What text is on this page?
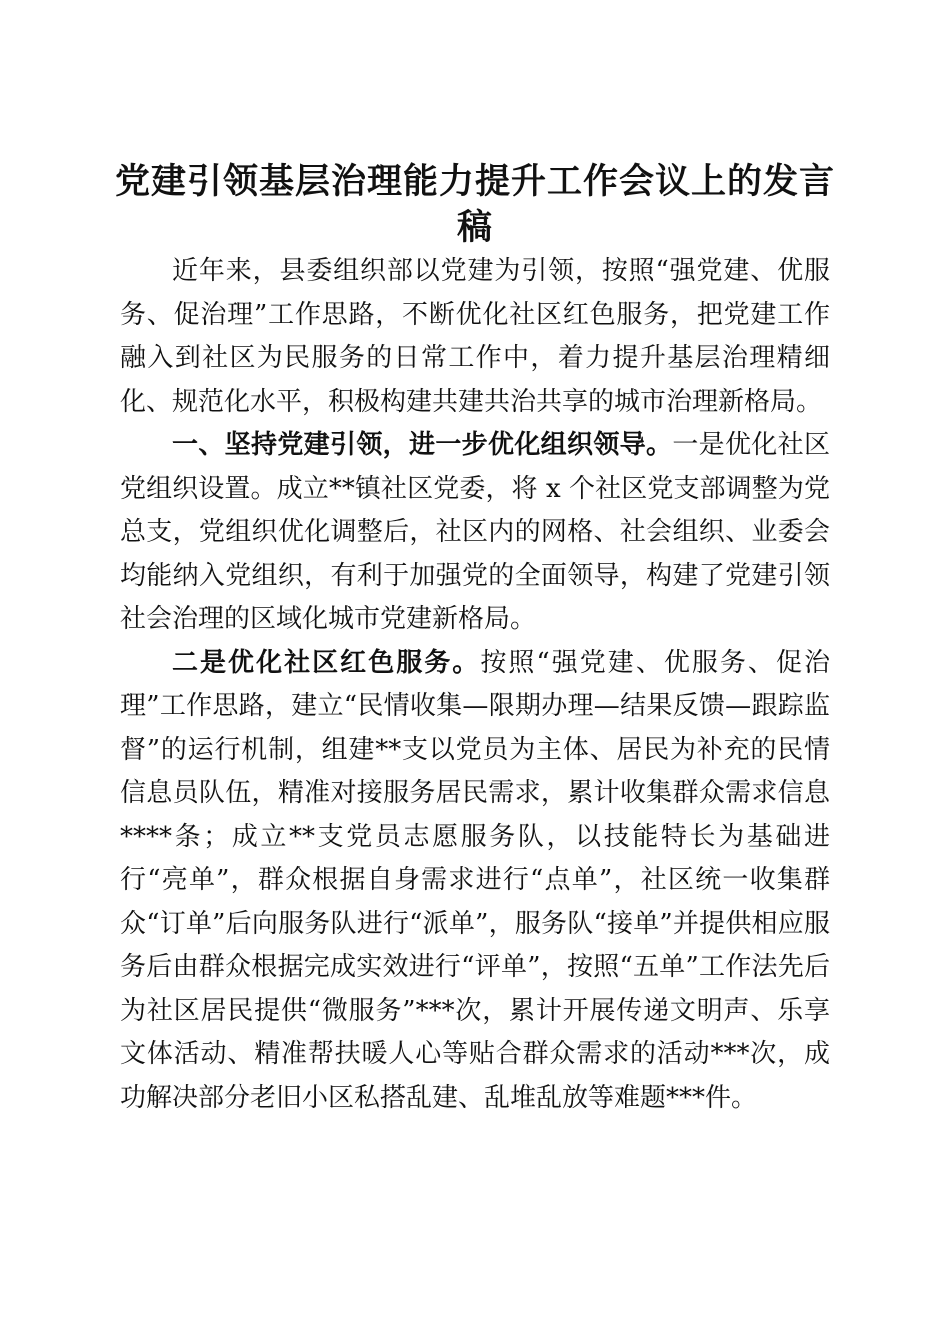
党建引领基层治理能力提升工作会议上的发言稿

近年来，县委组织部以党建为引领，按照“强党建、优服务、促治理”工作思路，不断优化社区红色服务，把党建工作融入到社区为民服务的日常工作中，着力提升基层治理精细化、规范化水平，积极构建共建共治共享的城市治理新格局。

一、坚持党建引领，进一步优化组织领导。一是优化社区党组织设置。成立**镇社区党委，将 x 个社区党支部调整为党总支，党组织优化调整后，社区内的网格、社会组织、业委会均能纳入党组织，有利于加强党的全面领导，构建了党建引领社会治理的区域化城市党建新格局。

二是优化社区红色服务。按照“强党建、优服务、促治理”工作思路，建立“民情收集—限期办理—结果反馈—跟踪监督”的运行机制，组建**支以党员为主体、居民为补充的民情信息员队伍，精准对接服务居民需求，累计收集群众需求信息****条；成立**支党员志愿服务队，以技能特长为基础进行“亮单”，群众根据自身需求进行“点单”，社区统一收集群众“订单”后向服务队进行“派单”，服务队“接单”并提供相应服务后由群众根据完成实效进行“评单”，按照“五单”工作法先后为社区居民提供“微服务”***次，累计开展传递文明声、乐享文体活动、精准帮扶暖人心等贴合群众需求的活动***次，成功解决部分老旧小区私搭乱建、乱堆乱放等难题***件。
